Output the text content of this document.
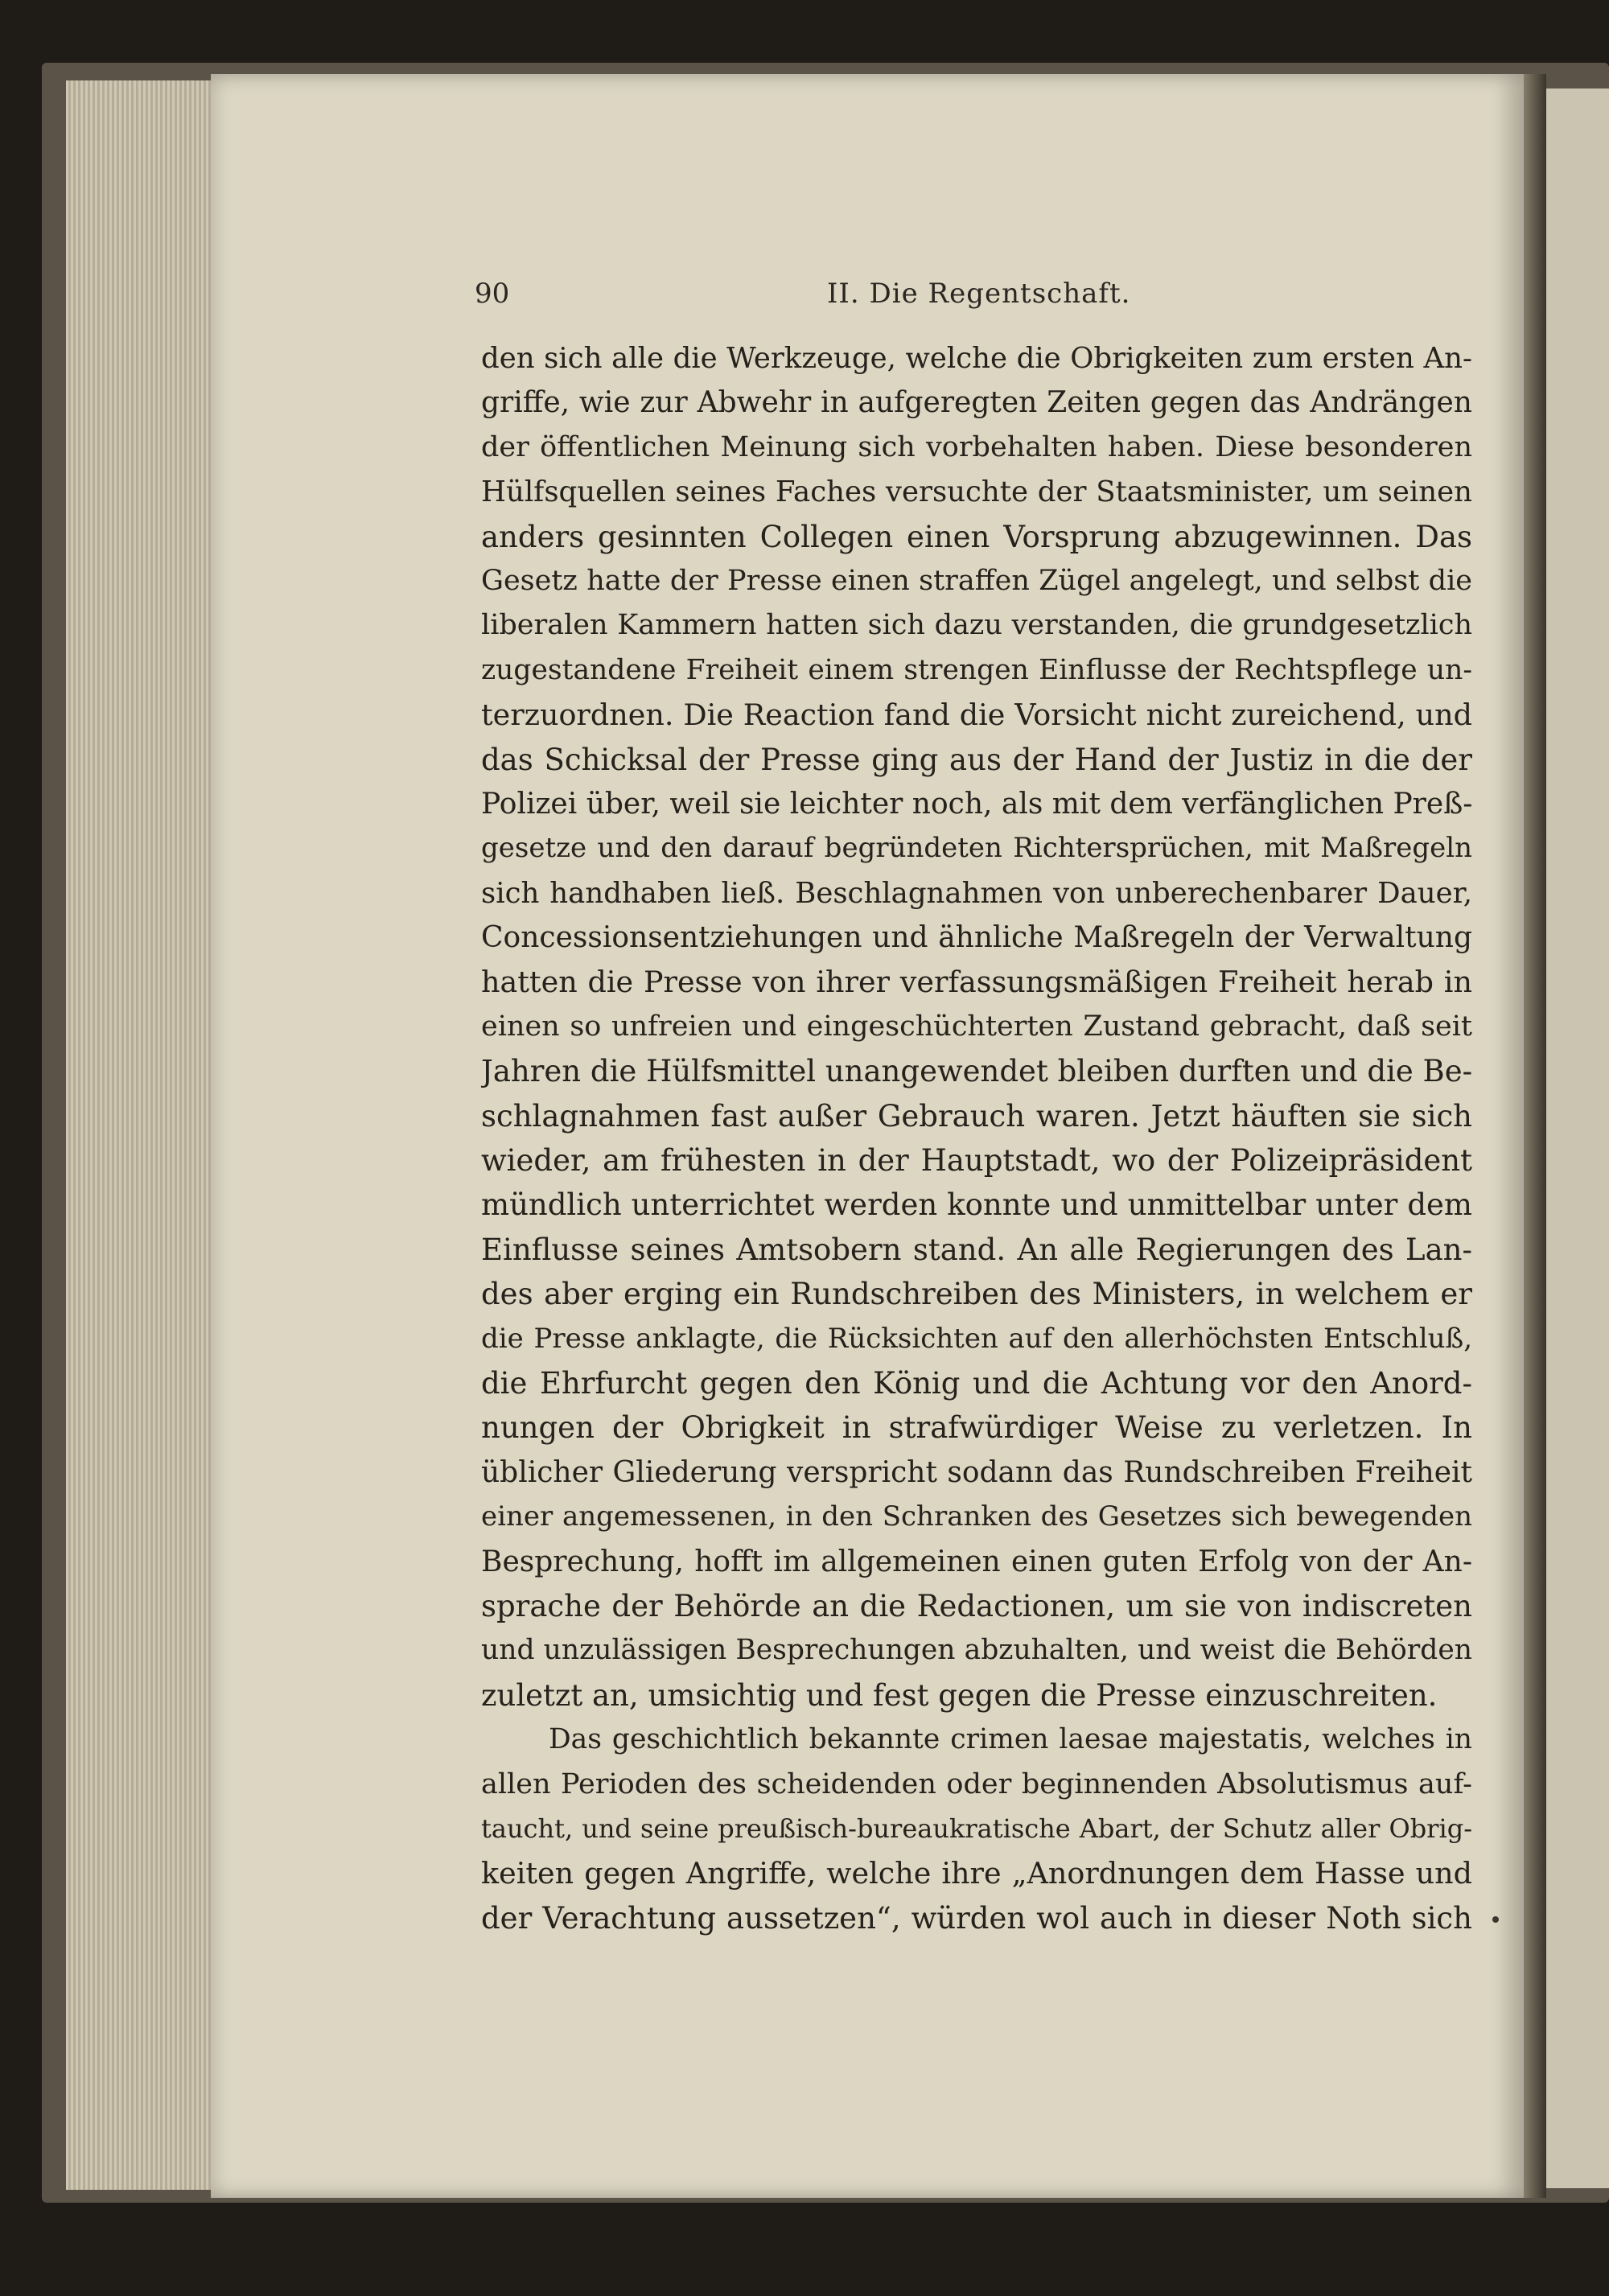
90	II. Die Regentschaft.
den sich alle die Werkzeuge, welche die Obrigkeiten zum ersten An-
griffe, wie zur Abwehr in aufgeregten Zeiten gegen das Andrängen
der öffentlichen Meinung sich vorbehalten haben. Diese besonderen
Hülfsquellen seines Faches versuchte der Staatsminister, um seinen
anders gesinnten Collegen einen Vorsprung abzugewinnen. Das
Gesetz hatte der Presse einen straffen Zügel angelegt, und selbst die
liberalen Kammern hatten sich dazu verstanden, die grundgesetzlich
zugestandene Freiheit einem strengen Einflusse der Rechtspflege un-
terzuordnen. Die Reaction fand die Vorsicht nicht zureichend, und
das Schicksal der Presse ging aus der Hand der Justiz in die der
Polizei über, weil sie leichter noch, als mit dem verfänglichen Preß-
gesetze und den darauf begründeten Richtersprüchen, mit Maßregeln
sich handhaben ließ. Beschlagnahmen von unberechenbarer Dauer,
Concessionsentziehungen und ähnliche Maßregeln der Verwaltung
hatten die Presse von ihrer verfassungsmäßigen Freiheit herab in
einen so unfreien und eingeschüchterten Zustand gebracht, daß seit
Jahren die Hülfsmittel unangewendet bleiben durften und die Be-
schlagnahmen fast außer Gebrauch waren. Jetzt häuften sie sich
wieder, am frühesten in der Hauptstadt, wo der Polizeipräsident
mündlich unterrichtet werden konnte und unmittelbar unter dem
Einflusse seines Amtsobern stand. An alle Regierungen des Lan-
des aber erging ein Rundschreiben des Ministers, in welchem er
die Presse anklagte, die Rücksichten auf den allerhöchsten Entschluß,
die Ehrfurcht gegen den König und die Achtung vor den Anord-
nungen der Obrigkeit in strafwürdiger Weise zu verletzen. In
üblicher Gliederung verspricht sodann das Rundschreiben Freiheit
einer angemessenen, in den Schranken des Gesetzes sich bewegenden
Besprechung, hofft im allgemeinen einen guten Erfolg von der An-
sprache der Behörde an die Redactionen, um sie von indiscreten
und unzulässigen Besprechungen abzuhalten, und weist die Behörden
zuletzt an, umsichtig und fest gegen die Presse einzuschreiten.
Das geschichtlich bekannte crimen laesae majestatis, welches in
allen Perioden des scheidenden oder beginnenden Absolutismus auf-
taucht, und seine preußisch-bureaukratische Abart, der Schutz aller Obrig-
keiten gegen Angriffe, welche ihre „Anordnungen dem Hasse und
der Verachtung aussetzen“, würden wol auch in dieser Noth sich
